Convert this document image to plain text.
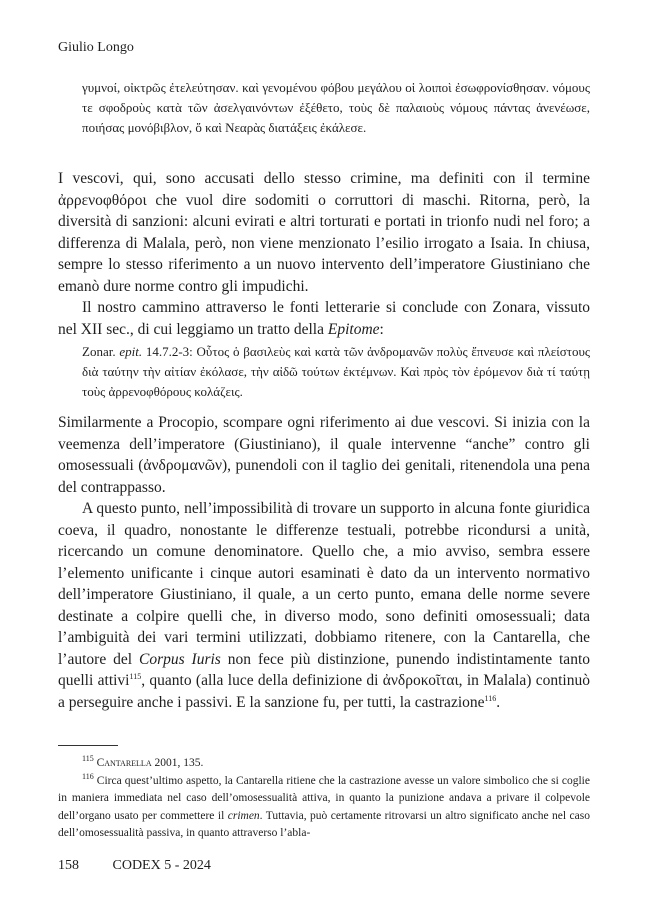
Giulio Longo
γυμνοί, οἰκτρῶς ἐτελεύτησαν. καὶ γενομένου φόβου μεγάλου οἱ λοιποὶ ἐσωφρονίσθησαν. νόμους τε σφοδροὺς κατὰ τῶν ἀσελγαινόντων ἐξέθετο, τοὺς δὲ παλαιοὺς νόμους πάντας ἀνενέωσε, ποιήσας μονόβιβλον, ὅ καὶ Νεαρὰς διατάξεις ἐκάλεσε.

I vescovi, qui, sono accusati dello stesso crimine, ma definiti con il termine ἀρρενοφθόροι che vuol dire sodomiti o corruttori di maschi. Ritorna, però, la diversità di sanzioni: alcuni evirati e altri torturati e portati in trionfo nudi nel foro; a differenza di Malala, però, non viene menzionato l’esilio irrogato a Isaia. In chiusa, sempre lo stesso riferimento a un nuovo intervento dell’imperatore Giustiniano che emanò dure norme contro gli impudichi.

Il nostro cammino attraverso le fonti letterarie si conclude con Zonara, vissuto nel XII sec., di cui leggiamo un tratto della Epitome:

Zonar. epit. 14.7.2-3: Οὗτος ὁ βασιλεὺς καὶ κατὰ τῶν ἀνδρομανῶν πολὺς ἔπνευσε καὶ πλείστους διὰ ταύτην τὴν αἰτίαν ἐκόλασε, τὴν αἰδῶ τούτων ἐκτέμνων. Καὶ πρὸς τὸν ἐρόμενον διὰ τί ταύτῃ τοὺς ἀρρενοφθόρους κολάζεις.

Similarmente a Procopio, scompare ogni riferimento ai due vescovi. Si inizia con la veemenza dell’imperatore (Giustiniano), il quale intervenne “anche” contro gli omosessuali (ἀνδρομανῶν), punendoli con il taglio dei genitali, ritenendola una pena del contrappasso.

A questo punto, nell’impossibilità di trovare un supporto in alcuna fonte giuridica coeva, il quadro, nonostante le differenze testuali, potrebbe ricondursi a unità, ricercando un comune denominatore. Quello che, a mio avviso, sembra essere l’elemento unificante i cinque autori esaminati è dato da un intervento normativo dell’imperatore Giustiniano, il quale, a un certo punto, emana delle norme severe destinate a colpire quelli che, in diverso modo, sono definiti omosessuali; data l’ambiguità dei vari termini utilizzati, dobbiamo ritenere, con la Cantarella, che l’autore del Corpus Iuris non fece più distinzione, punendo indistintamente tanto quelli attivi$^{115}$, quanto (alla luce della definizione di ἀνδροκοῖται, in Malala) continuò a perseguire anche i passivi. E la sanzione fu, per tutti, la castrazione$^{116}$.

$^{115}$ Cantarella 2001, 135.

$^{116}$ Circa quest’ultimo aspetto, la Cantarella ritiene che la castrazione avesse un valore simbolico che si coglie in maniera immediata nel caso dell’omosessualità attiva, in quanto la punizione andava a privare il colpevole dell’organo usato per commettere il crimen. Tuttavia, può certamente ritrovarsi un altro significato anche nel caso dell’omosessualità passiva, in quanto attraverso l’abla-

158 CODEX 5 - 2024
